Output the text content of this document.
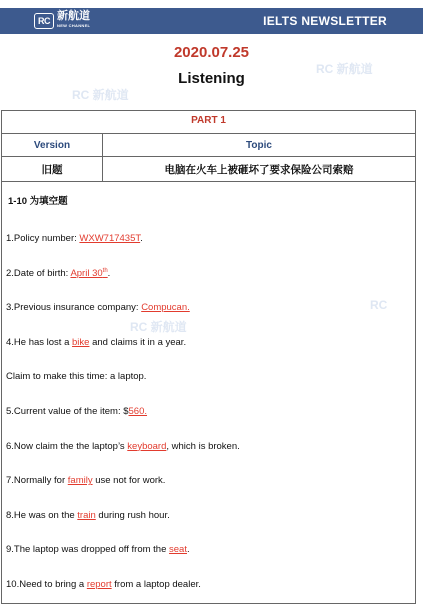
RC 新航道
NEW CHANNEL	IELTS NEWSLETTER
2020.07.25
Listening
RC 新航道
RC 新航道
RC 新航道
RC
PART 1
Version	Topic
旧题	电脑在火车上被砸坏了要求保险公司索赔
1-10 为填空题
1.Policy number: WXW717435T.
2.Date of birth: April 30th.
3.Previous insurance company: Compucan.
4.He has lost a bike and claims it in a year.
Claim to make this time: a laptop.
5.Current value of the item: $560.
6.Now claim the the laptop’s keyboard, which is broken.
7.Normally for family use not for work.
8.He was on the train during rush hour.
9.The laptop was dropped off from the seat.
10.Need to bring a report from a laptop dealer.
